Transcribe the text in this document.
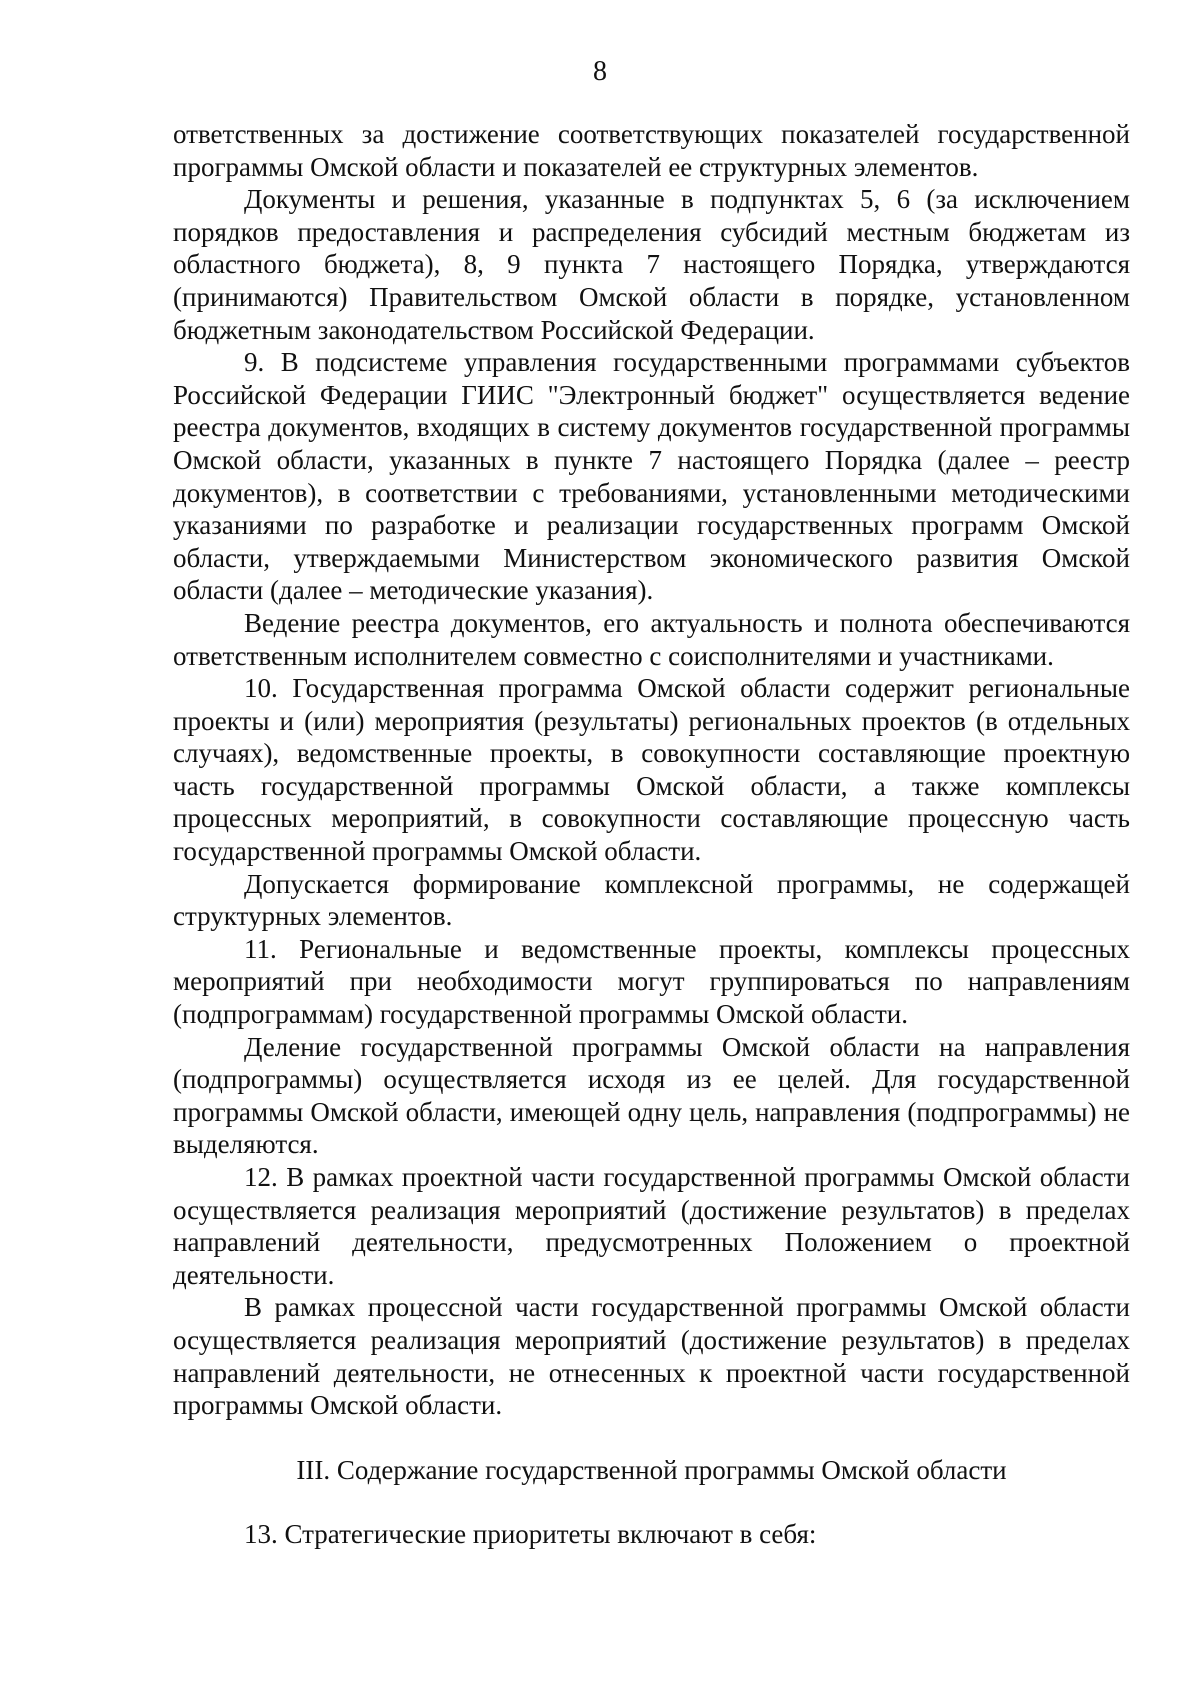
8

ответственных за достижение соответствующих показателей государственной программы Омской области и показателей ее структурных элементов.

Документы и решения, указанные в подпунктах 5, 6 (за исключением порядков предоставления и распределения субсидий местным бюджетам из областного бюджета), 8, 9 пункта 7 настоящего Порядка, утверждаются (принимаются) Правительством Омской области в порядке, установленном бюджетным законодательством Российской Федерации.

9. В подсистеме управления государственными программами субъектов Российской Федерации ГИИС "Электронный бюджет" осуществляется ведение реестра документов, входящих в систему документов государственной программы Омской области, указанных в пункте 7 настоящего Порядка (далее – реестр документов), в соответствии с требованиями, установленными методическими указаниями по разработке и реализации государственных программ Омской области, утверждаемыми Министерством экономического развития Омской области (далее – методические указания).

Ведение реестра документов, его актуальность и полнота обеспечиваются ответственным исполнителем совместно с соисполнителями и участниками.

10. Государственная программа Омской области содержит региональные проекты и (или) мероприятия (результаты) региональных проектов (в отдельных случаях), ведомственные проекты, в совокупности составляющие проектную часть государственной программы Омской области, а также комплексы процессных мероприятий, в совокупности составляющие процессную часть государственной программы Омской области.

Допускается формирование комплексной программы, не содержащей структурных элементов.

11. Региональные и ведомственные проекты, комплексы процессных мероприятий при необходимости могут группироваться по направлениям (подпрограммам) государственной программы Омской области.

Деление государственной программы Омской области на направления (подпрограммы) осуществляется исходя из ее целей. Для государственной программы Омской области, имеющей одну цель, направления (подпрограммы) не выделяются.

12. В рамках проектной части государственной программы Омской области осуществляется реализация мероприятий (достижение результатов) в пределах направлений деятельности, предусмотренных Положением о проектной деятельности.

В рамках процессной части государственной программы Омской области осуществляется реализация мероприятий (достижение результатов) в пределах направлений деятельности, не отнесенных к проектной части государственной программы Омской области.

III. Содержание государственной программы Омской области

13. Стратегические приоритеты включают в себя:
